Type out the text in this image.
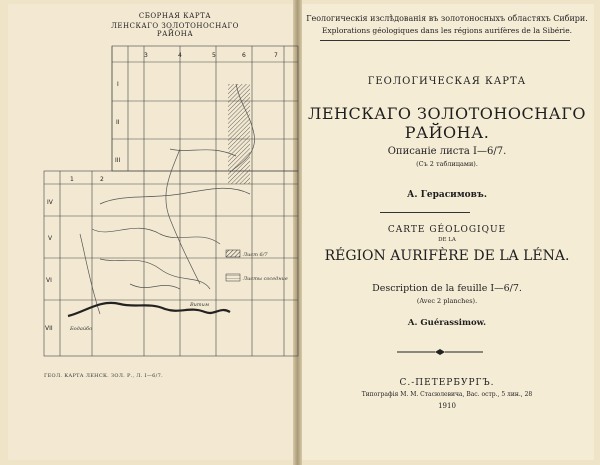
СБОРНАЯ КАРТА
ЛЕНСКАГО ЗОЛОТОНОСНАГО РАЙОНА
3	4	5	6	7
1	2
I
II
III
IV
V
VI
VII
Лист 6/7
Листы соседние
Бодайбо
Витим
ГЕОЛ. КАРТА ЛЕНСК. ЗОЛ. Р., Л. I—6/7.
Геологическія изслѣдованія въ золотоносныхъ областяхъ Сибири.
Explorations géologiques dans les régions aurifères de la Sibérie.
ГЕОЛОГИЧЕСКАЯ КАРТА
ЛЕНСКАГО ЗОЛОТОНОСНАГО РАЙОНА.
Описаніе листа I—6/7.
(Съ 2 таблицами).
А. Герасимовъ.
CARTE GÉOLOGIQUE
DE LA
RÉGION AURIFÈRE DE LA LÉNA.
Description de la feuille I—6/7.
(Avec 2 planches).
A. Guérassimow.
С.-ПЕТЕРБУРГЪ.
Типографія М. М. Стасюлевича, Вас. остр., 5 лин., 28
1910
